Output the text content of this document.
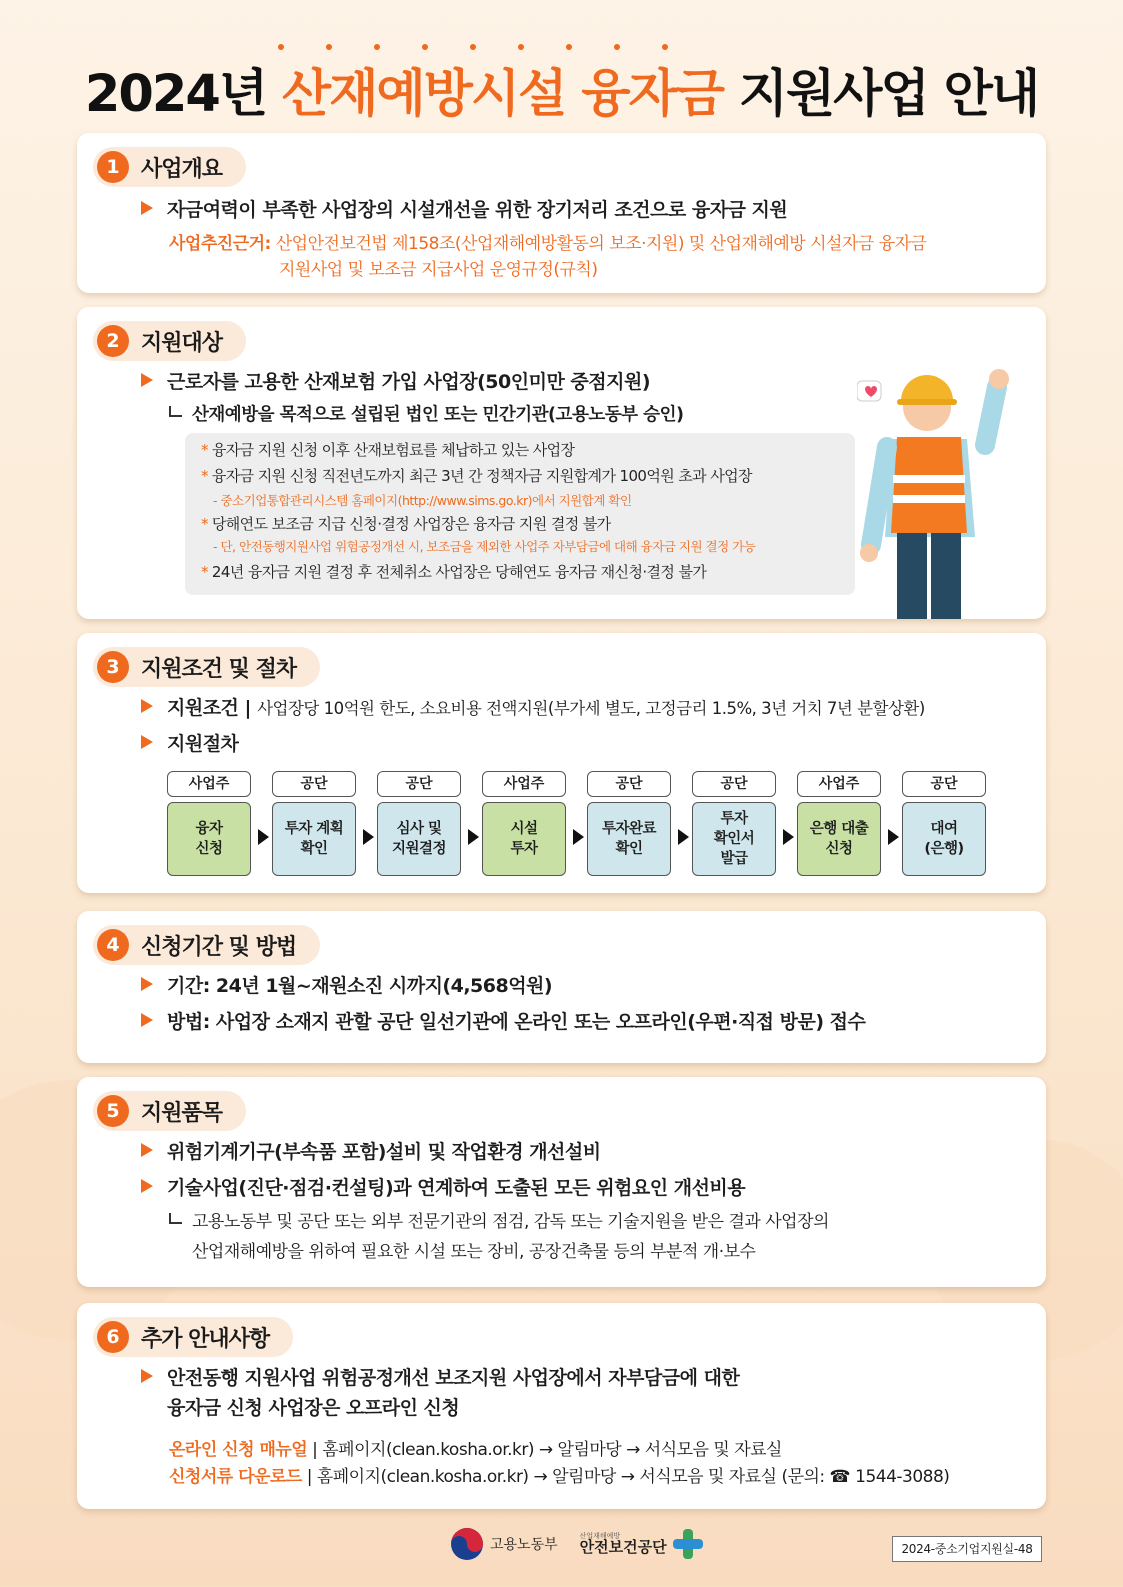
2024년 산재예방시설 융자금 지원사업 안내
1 사업개요
자금여력이 부족한 사업장의 시설개선을 위한 장기저리 조건으로 융자금 지원
사업추진근거: 산업안전보건법 제158조(산업재해예방활동의 보조·지원) 및 산업재해예방 시설자금 융자금
지원사업 및 보조금 지급사업 운영규정(규칙)
2 지원대상
근로자를 고용한 산재보험 가입 사업장(50인미만 중점지원)
산재예방을 목적으로 설립된 법인 또는 민간기관(고용노동부 승인)
* 융자금 지원 신청 이후 산재보험료를 체납하고 있는 사업장
* 융자금 지원 신청 직전년도까지 최근 3년 간 정책자금 지원합계가 100억원 초과 사업장
- 중소기업통합관리시스템 홈페이지(http://www.sims.go.kr)에서 지원합계 확인
* 당해연도 보조금 지급 신청·결정 사업장은 융자금 지원 결정 불가
- 단, 안전동행지원사업 위험공정개선 시, 보조금을 제외한 사업주 자부담금에 대해 융자금 지원 결정 가능
* 24년 융자금 지원 결정 후 전체취소 사업장은 당해연도 융자금 재신청·결정 불가
3 지원조건 및 절차
지원조건 | 사업장당 10억원 한도, 소요비용 전액지원(부가세 별도, 고정금리 1.5%, 3년 거치 7년 분할상환)
지원절차
사업주
융자
신청
공단
투자 계획
확인
공단
심사 및
지원결정
사업주
시설
투자
공단
투자완료
확인
공단
투자
확인서
발급
사업주
은행 대출
신청
공단
대여
(은행)
4 신청기간 및 방법
기간: 24년 1월~재원소진 시까지(4,568억원)
방법: 사업장 소재지 관할 공단 일선기관에 온라인 또는 오프라인(우편·직접 방문) 접수
5 지원품목
위험기계기구(부속품 포함)설비 및 작업환경 개선설비
기술사업(진단·점검·컨설팅)과 연계하여 도출된 모든 위험요인 개선비용
고용노동부 및 공단 또는 외부 전문기관의 점검, 감독 또는 기술지원을 받은 결과 사업장의
산업재해예방을 위하여 필요한 시설 또는 장비, 공장건축물 등의 부분적 개·보수
6 추가 안내사항
안전동행 지원사업 위험공정개선 보조지원 사업장에서 자부담금에 대한
융자금 신청 사업장은 오프라인 신청
온라인 신청 매뉴얼 | 홈페이지(clean.kosha.or.kr) → 알림마당 → 서식모음 및 자료실
신청서류 다운로드 | 홈페이지(clean.kosha.or.kr) → 알림마당 → 서식모음 및 자료실 (문의: ☎ 1544-3088)
고용노동부
산업재해예방
안전보건공단	2024-중소기업지원실-48
